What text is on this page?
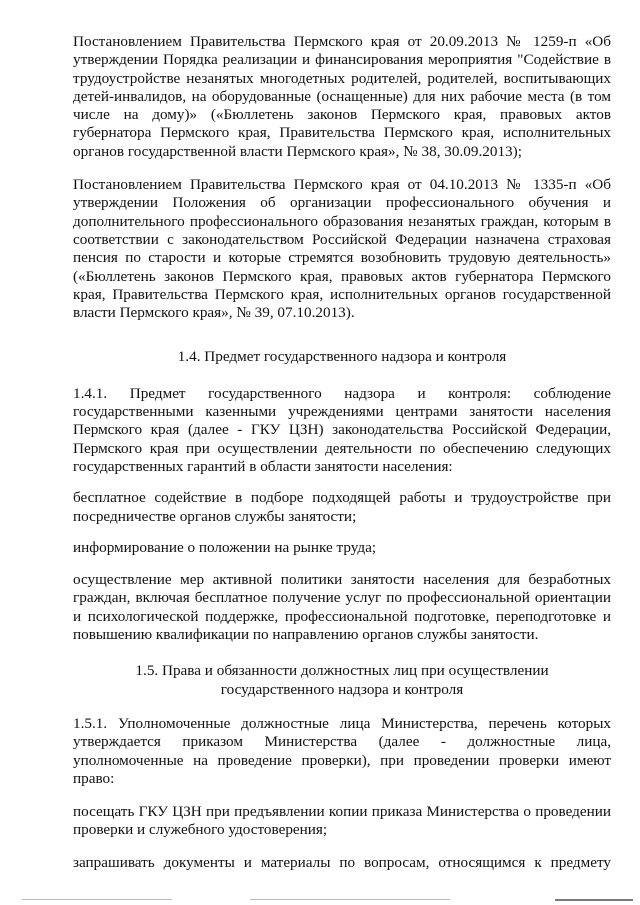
Постановлением Правительства Пермского края от 20.09.2013 № 1259-п «Об утверждении Порядка реализации и финансирования мероприятия "Содействие в трудоустройстве незанятых многодетных родителей, родителей, воспитывающих детей-инвалидов, на оборудованные (оснащенные) для них рабочие места (в том числе на дому)» («Бюллетень законов Пермского края, правовых актов губернатора Пермского края, Правительства Пермского края, исполнительных органов государственной власти Пермского края», № 38, 30.09.2013);

Постановлением Правительства Пермского края от 04.10.2013 № 1335-п «Об утверждении Положения об организации профессионального обучения и дополнительного профессионального образования незанятых граждан, которым в соответствии с законодательством Российской Федерации назначена страховая пенсия по старости и которые стремятся возобновить трудовую деятельность» («Бюллетень законов Пермского края, правовых актов губернатора Пермского края, Правительства Пермского края, исполнительных органов государственной власти Пермского края», № 39, 07.10.2013).

1.4. Предмет государственного надзора и контроля

1.4.1. Предмет государственного надзора и контроля: соблюдение государственными казенными учреждениями центрами занятости населения Пермского края (далее - ГКУ ЦЗН) законодательства Российской Федерации, Пермского края при осуществлении деятельности по обеспечению следующих государственных гарантий в области занятости населения:

бесплатное содействие в подборе подходящей работы и трудоустройстве при посредничестве органов службы занятости;

информирование о положении на рынке труда;

осуществление мер активной политики занятости населения для безработных граждан, включая бесплатное получение услуг по профессиональной ориентации и психологической поддержке, профессиональной подготовке, переподготовке и повышению квалификации по направлению органов службы занятости.

1.5. Права и обязанности должностных лиц при осуществлении
государственного надзора и контроля

1.5.1. Уполномоченные должностные лица Министерства, перечень которых утверждается приказом Министерства (далее - должностные лица, уполномоченные на проведение проверки), при проведении проверки имеют право:

посещать ГКУ ЦЗН при предъявлении копии приказа Министерства о проведении проверки и служебного удостоверения;

запрашивать документы и материалы по вопросам, относящимся к предмету
